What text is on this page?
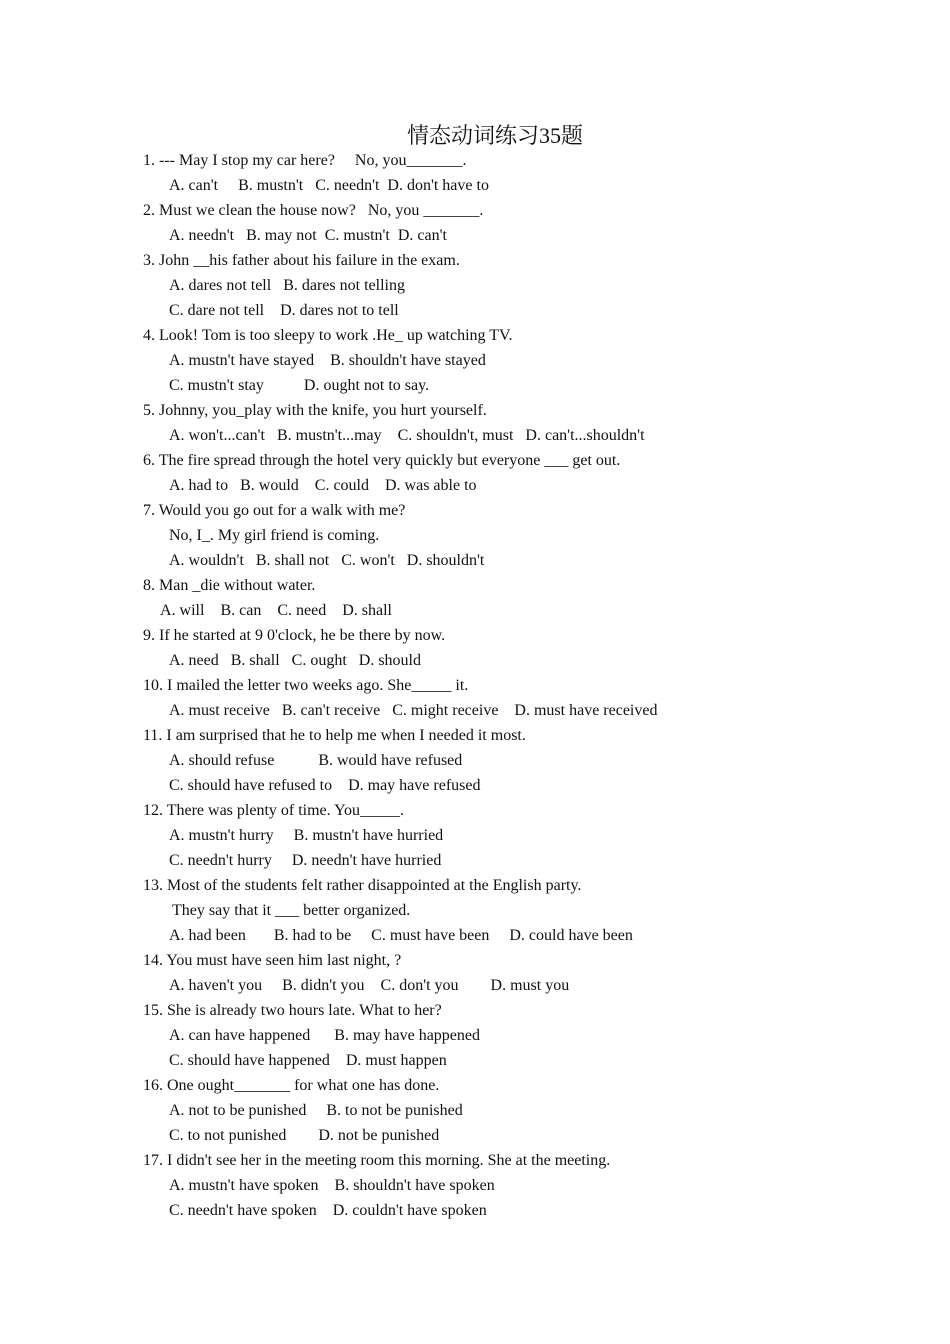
情态动词练习35题
1. --- May I stop my car here?     No, you_______.
A. can't     B. mustn't   C. needn't  D. don't have to
2. Must we clean the house now?   No, you _______.
A. needn't   B. may not  C. mustn't  D. can't
3. John __his father about his failure in the exam.
A. dares not tell   B. dares not telling
C. dare not tell    D. dares not to tell
4. Look! Tom is too sleepy to work .He_ up watching TV.
A. mustn't have stayed    B. shouldn't have stayed
C. mustn't stay          D. ought not to say.
5. Johnny, you_play with the knife, you hurt yourself.
A. won't...can't   B. mustn't...may    C. shouldn't, must   D. can't...shouldn't
6. The fire spread through the hotel very quickly but everyone ___ get out.
A. had to   B. would    C. could    D. was able to
7. Would you go out for a walk with me?
No, I_. My girl friend is coming.
A. wouldn't   B. shall not   C. won't   D. shouldn't
8. Man _die without water.
A. will    B. can    C. need    D. shall
9. If he started at 9 0'clock, he be there by now.
A. need   B. shall   C. ought   D. should
10. I mailed the letter two weeks ago. She_____ it.
A. must receive   B. can't receive   C. might receive    D. must have received
11. I am surprised that he to help me when I needed it most.
A. should refuse           B. would have refused
C. should have refused to    D. may have refused
12. There was plenty of time. You_____.
A. mustn't hurry     B. mustn't have hurried
C. needn't hurry     D. needn't have hurried
13. Most of the students felt rather disappointed at the English party.
They say that it ___ better organized.
A. had been       B. had to be     C. must have been     D. could have been
14. You must have seen him last night, ?
A. haven't you     B. didn't you    C. don't you        D. must you
15. She is already two hours late. What to her?
A. can have happened      B. may have happened
C. should have happened    D. must happen
16. One ought_______ for what one has done.
A. not to be punished     B. to not be punished
C. to not punished        D. not be punished
17. I didn't see her in the meeting room this morning. She at the meeting.
A. mustn't have spoken    B. shouldn't have spoken
C. needn't have spoken    D. couldn't have spoken
